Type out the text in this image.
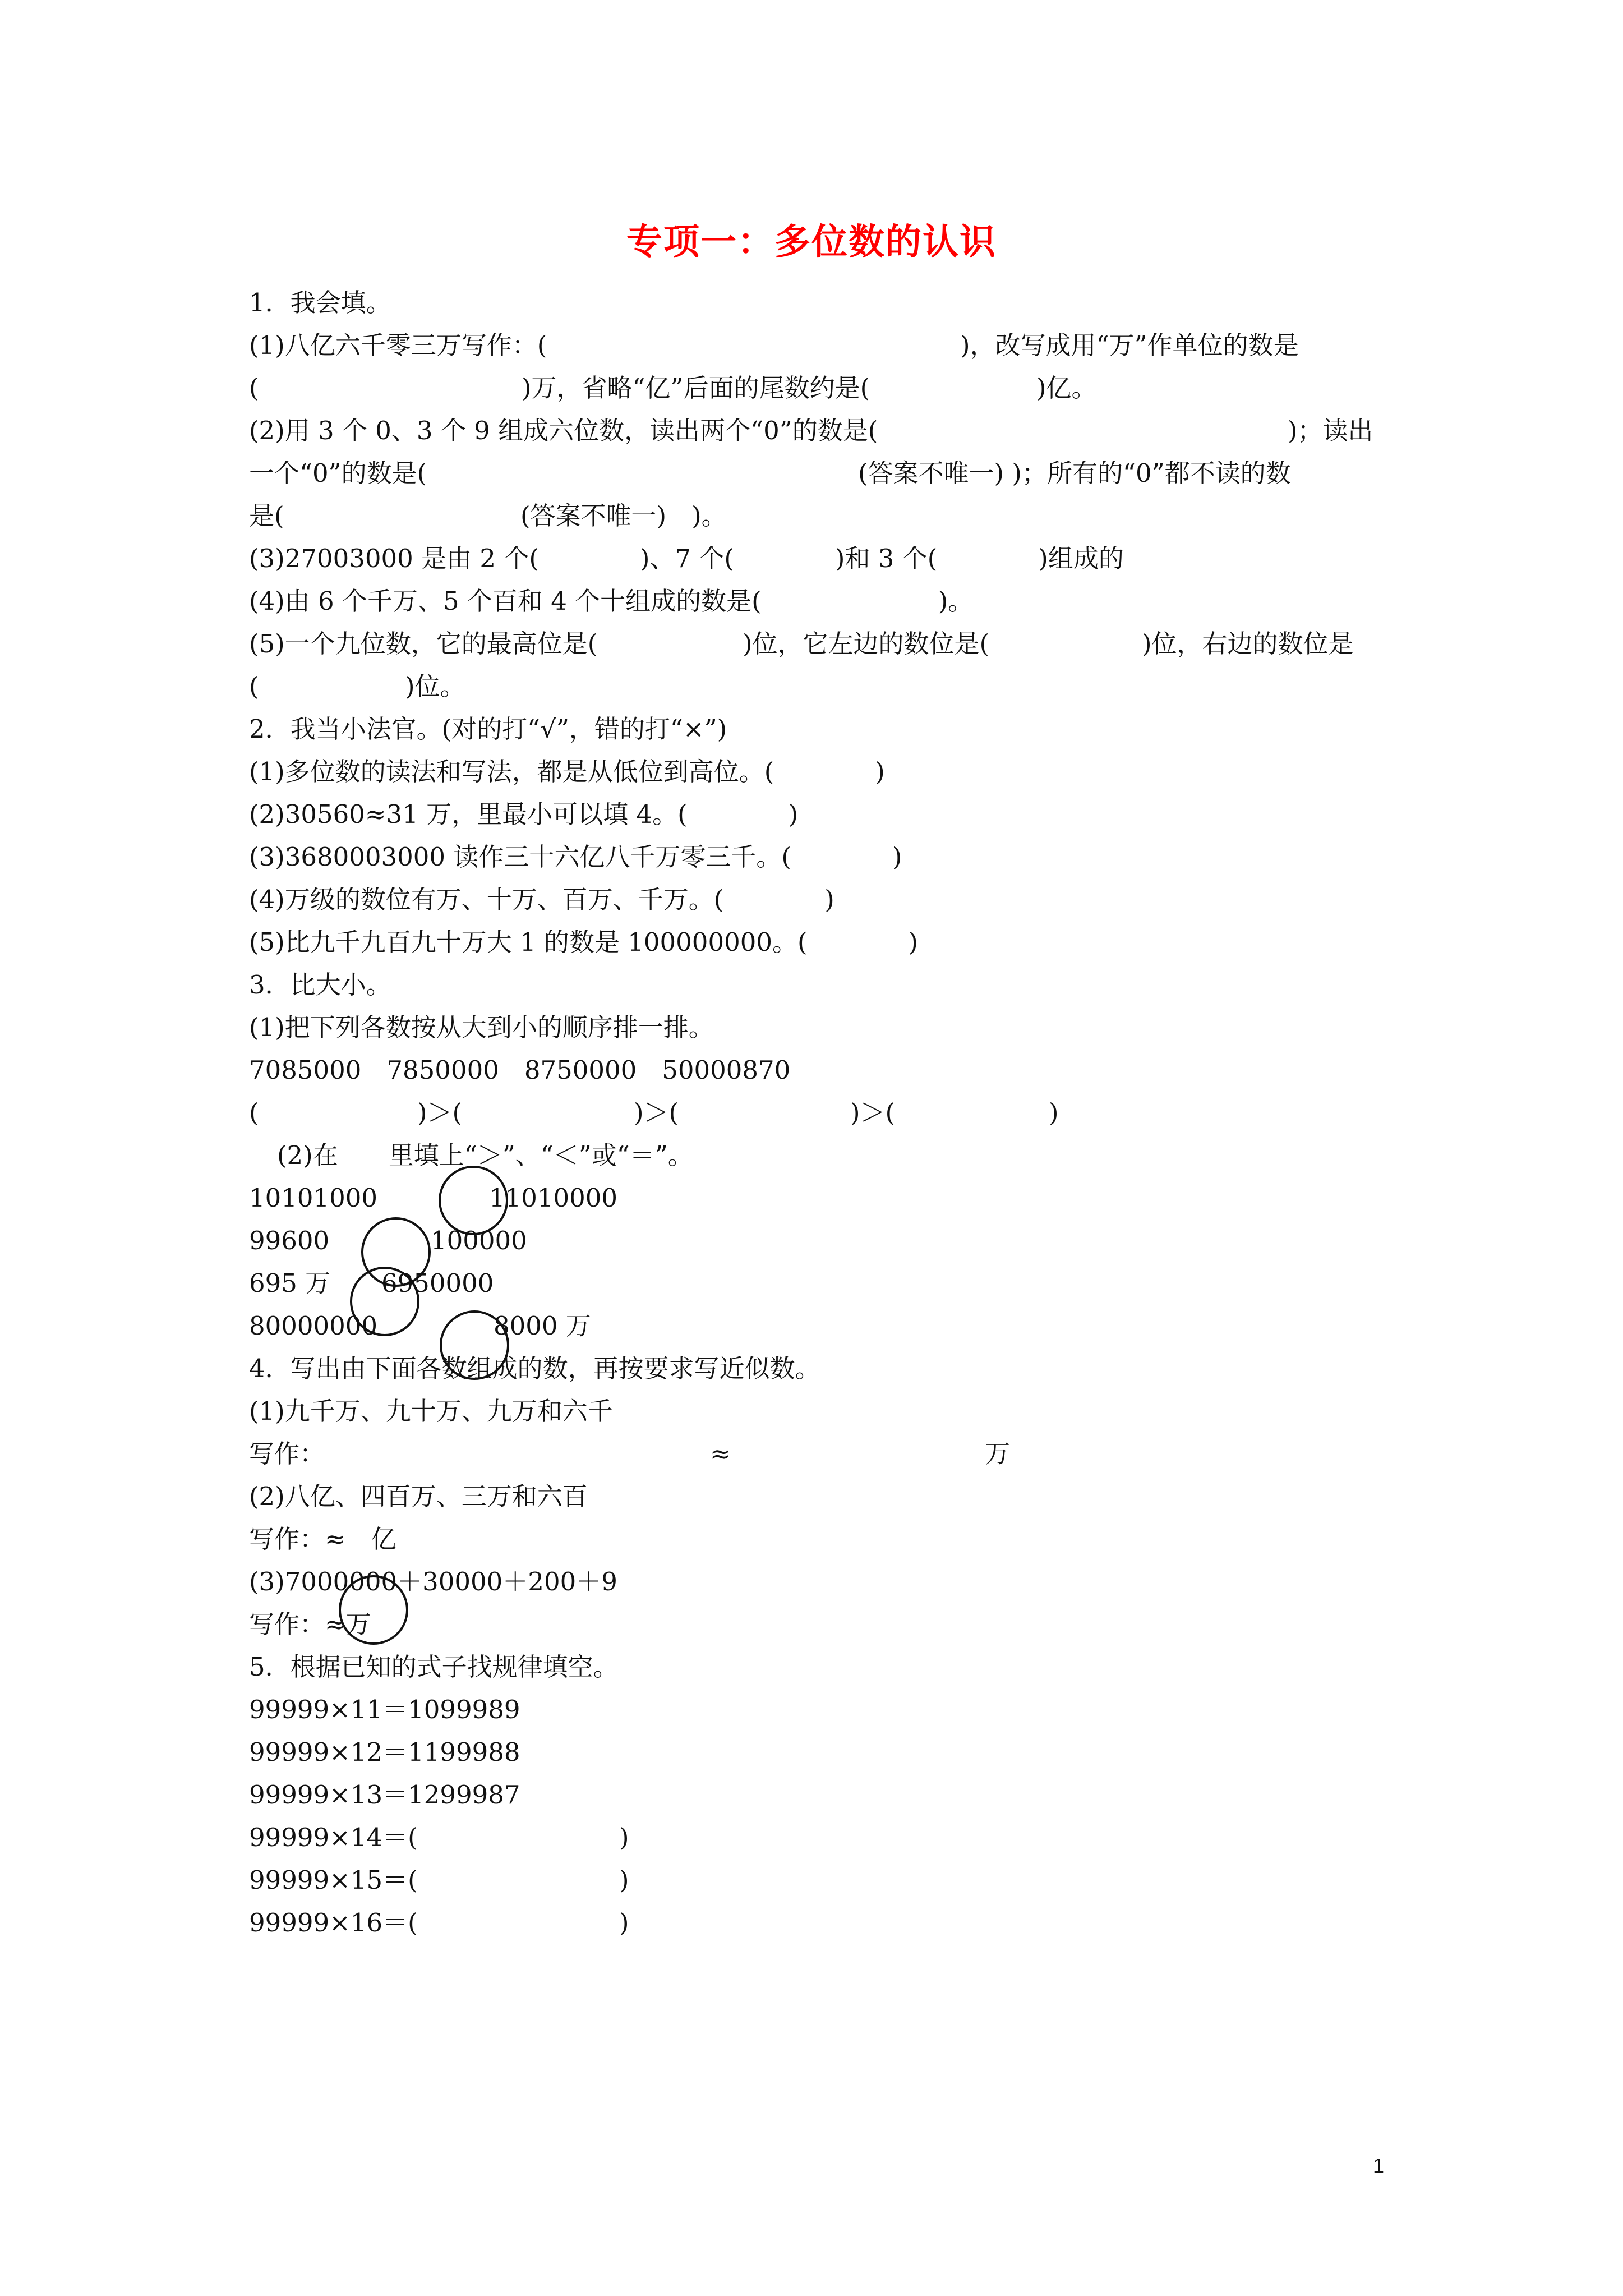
专项一：多位数的认识
1．我会填。
(1)八亿六千零三万写作：(	)，改写成用“万”作单位的数是
(	)万，省略“亿”后面的尾数约是(	)亿。
(2)用 3 个 0、3 个 9 组成六位数，读出两个“0”的数是(	)；读出
一个“0”的数是(	(答案不唯一) )；所有的“0”都不读的数
是(	(答案不唯一)　)。
(3)27003000 是由 2 个(　　　　)、7 个(　　　　)和 3 个(　　　　)组成的
(4)由 6 个千万、5 个百和 4 个十组成的数是(　　　　　　　)。
(5)一个九位数，它的最高位是(	)位，它左边的数位是(	)位，右边的数位是
(	)位。
2．我当小法官。(对的打“√”，错的打“×”)
(1)多位数的读法和写法，都是从低位到高位。(　　　　)
(2)30560≈31 万，里最小可以填 4。(　　　　)
(3)3680003000 读作三十六亿八千万零三千。(　　　　)
(4)万级的数位有万、十万、百万、千万。(　　　　)
(5)比九千九百九十万大 1 的数是 100000000。(　　　　)
3．比大小。
(1)把下列各数按从大到小的顺序排一排。
7085000　7850000　8750000　50000870
(	)＞(	)＞(	)＞(	)
(2)在　　里填上“＞”、“＜”或“＝”。
10101000	11010000
99600	100000
695 万 6950000
80000000	8000 万
4．写出由下面各数组成的数，再按要求写近似数。
(1)九千万、九十万、九万和六千
写作：	≈	万
(2)八亿、四百万、三万和六百
写作：≈　亿
(3)7000000＋30000＋200＋9
写作：≈万
5．根据已知的式子找规律填空。
99999×11＝1099989
99999×12＝1199988
99999×13＝1299987
99999×14＝(	)
99999×15＝(	)
99999×16＝(	)
1
